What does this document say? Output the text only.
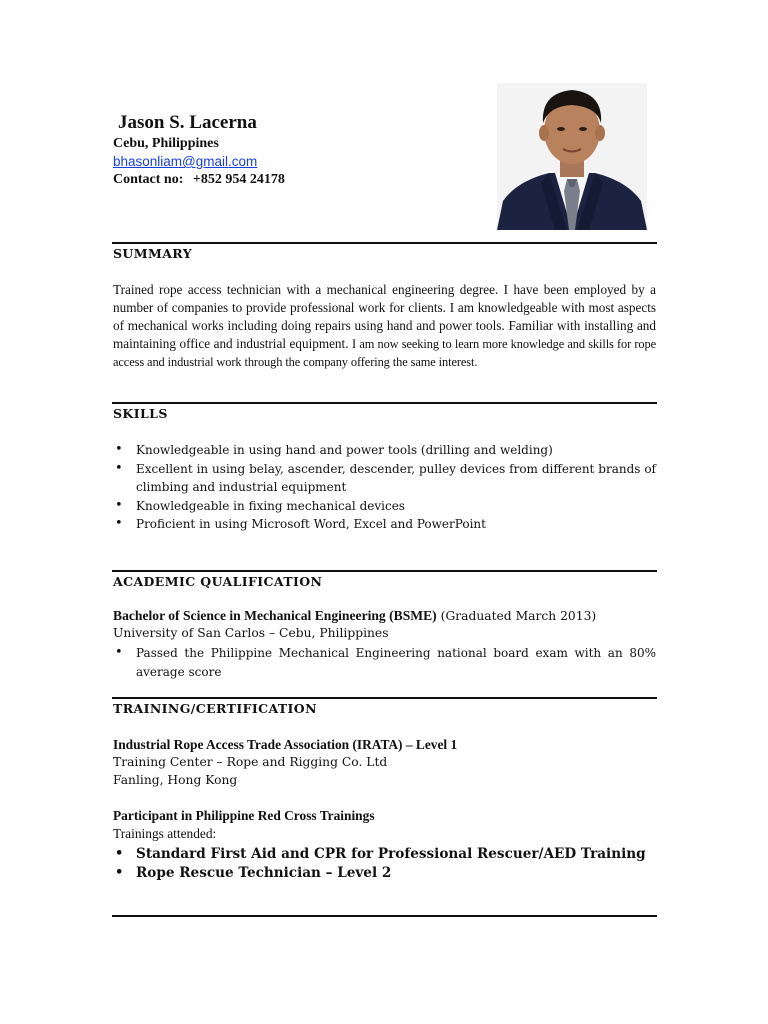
Jason S. Lacerna
Cebu, Philippines
bhasonliam@gmail.com
Contact no: +852 954 24178
SUMMARY
Trained rope access technician with a mechanical engineering degree. I have been employed by a number of companies to provide professional work for clients. I am knowledgeable with most aspects of mechanical works including doing repairs using hand and power tools. Familiar with installing and maintaining office and industrial equipment. I am now seeking to learn more knowledge and skills for rope access and industrial work through the company offering the same interest.
SKILLS
• Knowledgeable in using hand and power tools (drilling and welding)
• Excellent in using belay, ascender, descender, pulley devices from different brands of climbing and industrial equipment
• Knowledgeable in fixing mechanical devices
• Proficient in using Microsoft Word, Excel and PowerPoint
ACADEMIC QUALIFICATION
Bachelor of Science in Mechanical Engineering (BSME) (Graduated March 2013)
University of San Carlos – Cebu, Philippines
• Passed the Philippine Mechanical Engineering national board exam with an 80% average score
TRAINING/CERTIFICATION
Industrial Rope Access Trade Association (IRATA) – Level 1
Training Center – Rope and Rigging Co. Ltd
Fanling, Hong Kong
Participant in Philippine Red Cross Trainings
Trainings attended:
• Standard First Aid and CPR for Professional Rescuer/AED Training
• Rope Rescue Technician – Level 2
